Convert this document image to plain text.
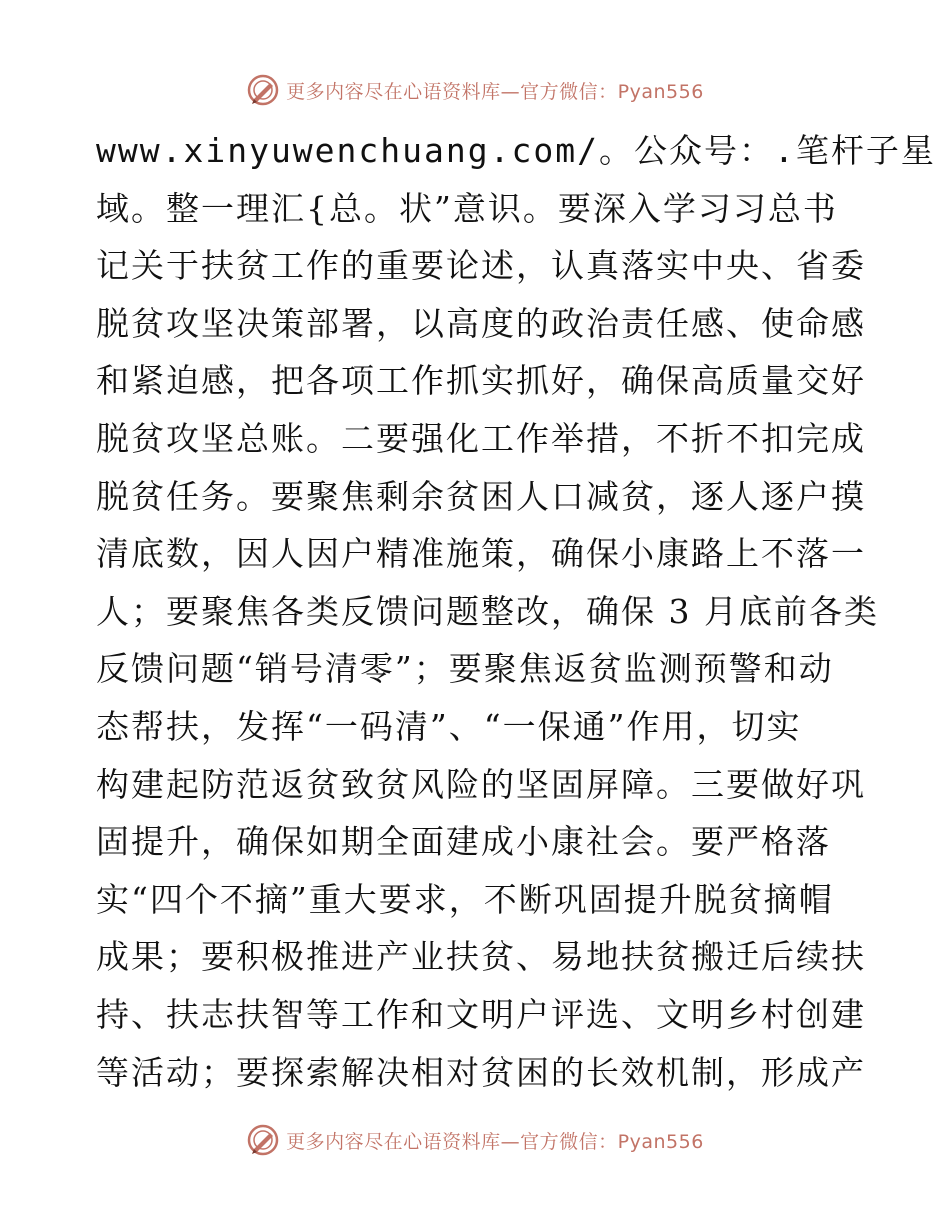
更多内容尽在心语资料库—官方微信：Pyan556
www.xinyuwenchuang.com/。公众号：.笔杆子星
域。整一理汇{总。状”意识。要深入学习习总书
记关于扶贫工作的重要论述，认真落实中央、省委
脱贫攻坚决策部署，以高度的政治责任感、使命感
和紧迫感，把各项工作抓实抓好，确保高质量交好
脱贫攻坚总账。二要强化工作举措，不折不扣完成
脱贫任务。要聚焦剩余贫困人口减贫，逐人逐户摸
清底数，因人因户精准施策，确保小康路上不落一
人；要聚焦各类反馈问题整改，确保 3 月底前各类
反馈问题“销号清零”；要聚焦返贫监测预警和动
态帮扶，发挥“一码清”、“一保通”作用，切实
构建起防范返贫致贫风险的坚固屏障。三要做好巩
固提升，确保如期全面建成小康社会。要严格落
实“四个不摘”重大要求，不断巩固提升脱贫摘帽
成果；要积极推进产业扶贫、易地扶贫搬迁后续扶
持、扶志扶智等工作和文明户评选、文明乡村创建
等活动；要探索解决相对贫困的长效机制，形成产
更多内容尽在心语资料库—官方微信：Pyan556
